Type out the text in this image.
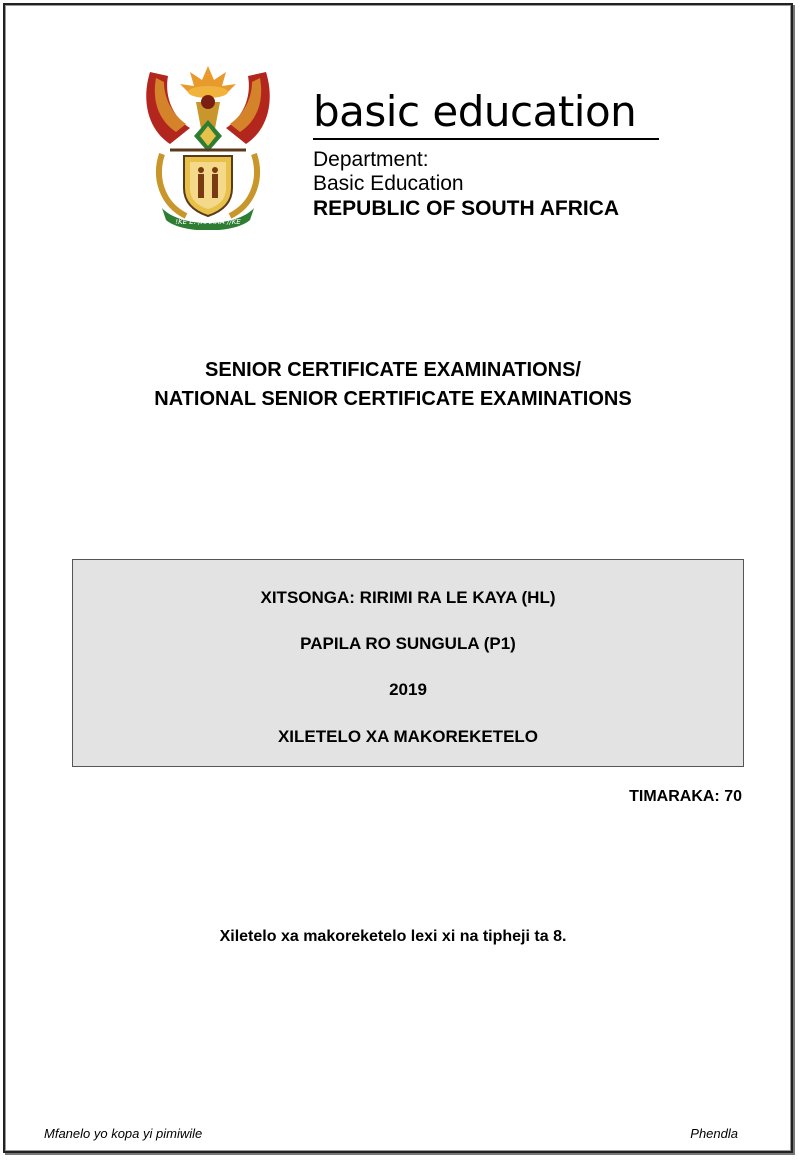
!KE E: /XARRA //KE
basic education
Department:
Basic Education
REPUBLIC OF SOUTH AFRICA
SENIOR CERTIFICATE EXAMINATIONS/
NATIONAL SENIOR CERTIFICATE EXAMINATIONS
XITSONGA: RIRIMI RA LE KAYA (HL)
PAPILA RO SUNGULA (P1)
2019
XILETELO XA MAKOREKETELO
TIMARAKA: 70
Xiletelo xa makoreketelo lexi xi na tipheji ta 8.
Mfanelo yo kopa yi pimiwile	Phendla
